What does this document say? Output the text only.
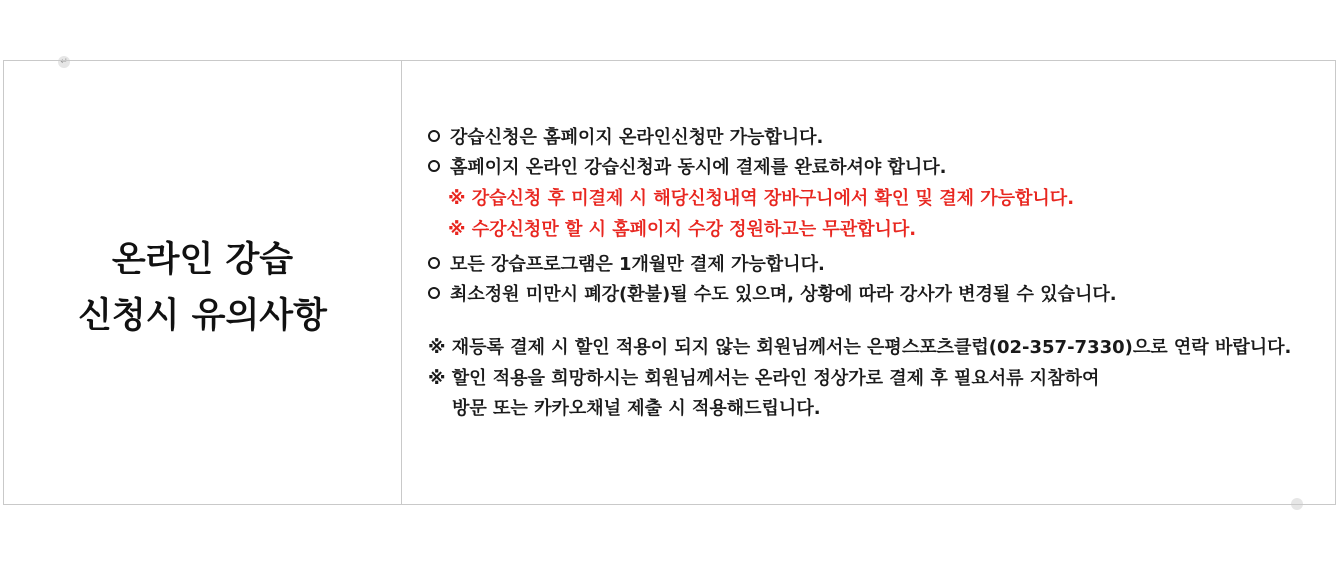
↵
온라인 강습
신청시 유의사항
강습신청은 홈페이지 온라인신청만 가능합니다.
홈페이지 온라인 강습신청과 동시에 결제를 완료하셔야 합니다.
※ 강습신청 후 미결제 시 해당신청내역 장바구니에서 확인 및 결제 가능합니다.
※ 수강신청만 할 시 홈페이지 수강 정원하고는 무관합니다.
모든 강습프로그램은 1개월만 결제 가능합니다.
최소정원 미만시 폐강(환불)될 수도 있으며, 상황에 따라 강사가 변경될 수 있습니다.
※ 재등록 결제 시 할인 적용이 되지 않는 회원님께서는 은평스포츠클럽(02-357-7330)으로 연락 바랍니다.
※ 할인 적용을 희망하시는 회원님께서는 온라인 정상가로 결제 후 필요서류 지참하여
방문 또는 카카오채널 제출 시 적용해드립니다.
